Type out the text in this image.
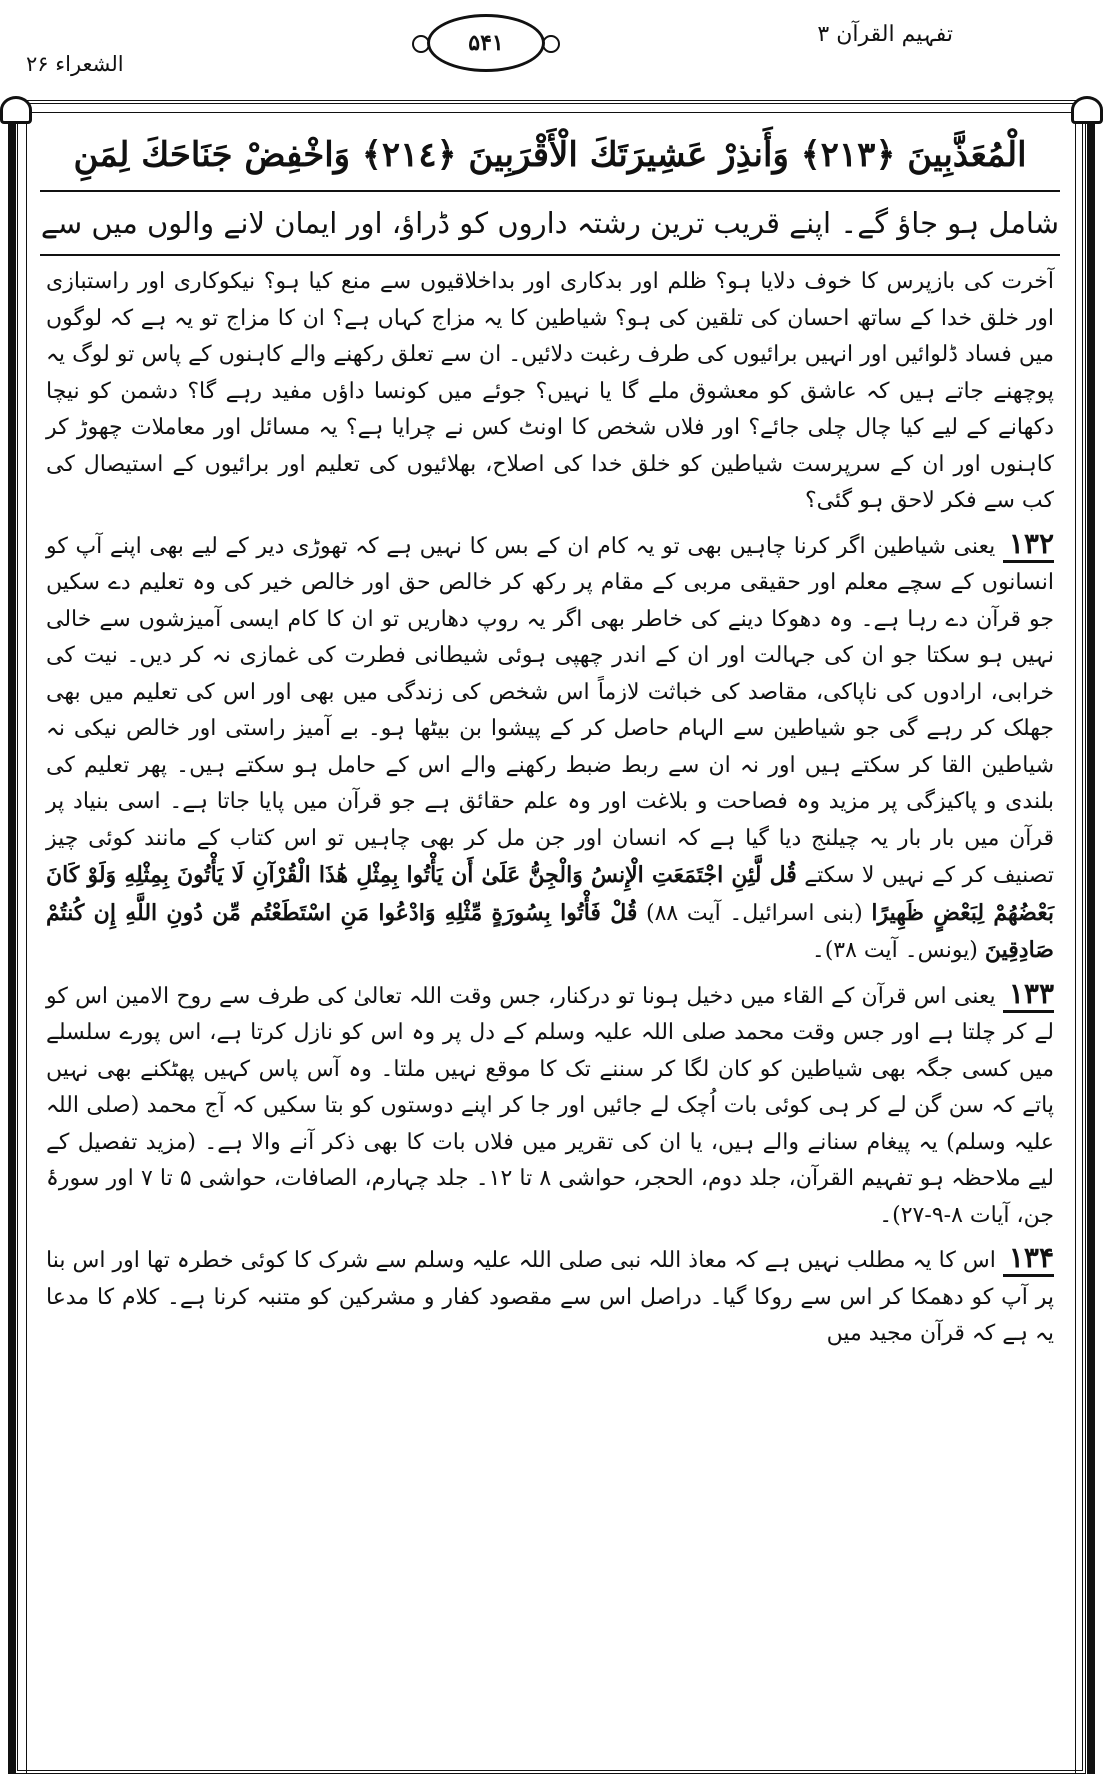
تفہیم القرآن ۳
۵۴۱
الشعراء ۲۶
الْمُعَذَّبِينَ ﴿٢١٣﴾ وَأَنذِرْ عَشِيرَتَكَ الْأَقْرَبِينَ ﴿٢١٤﴾ وَاخْفِضْ جَنَاحَكَ لِمَنِ
شامل ہو جاؤ گے۔ اپنے قریب ترین رشتہ داروں کو ڈراؤ، اور ایمان لانے والوں میں سے

آخرت کی بازپرس کا خوف دلایا ہو؟ ظلم اور بدکاری اور بداخلاقیوں سے منع کیا ہو؟ نیکوکاری اور راستبازی اور خلق خدا کے ساتھ احسان کی تلقین کی ہو؟ شیاطین کا یہ مزاج کہاں ہے؟ ان کا مزاج تو یہ ہے کہ لوگوں میں فساد ڈلوائیں اور انہیں برائیوں کی طرف رغبت دلائیں۔ ان سے تعلق رکھنے والے کاہنوں کے پاس تو لوگ یہ پوچھنے جاتے ہیں کہ عاشق کو معشوق ملے گا یا نہیں؟ جوئے میں کونسا داؤں مفید رہے گا؟ دشمن کو نیچا دکھانے کے لیے کیا چال چلی جائے؟ اور فلاں شخص کا اونٹ کس نے چرایا ہے؟ یہ مسائل اور معاملات چھوڑ کر کاہنوں اور ان کے سرپرست شیاطین کو خلق خدا کی اصلاح، بھلائیوں کی تعلیم اور برائیوں کے استیصال کی کب سے فکر لاحق ہو گئی؟

۱۳۲ یعنی شیاطین اگر کرنا چاہیں بھی تو یہ کام ان کے بس کا نہیں ہے کہ تھوڑی دیر کے لیے بھی اپنے آپ کو انسانوں کے سچے معلم اور حقیقی مربی کے مقام پر رکھ کر خالص حق اور خالص خیر کی وہ تعلیم دے سکیں جو قرآن دے رہا ہے۔ وہ دھوکا دینے کی خاطر بھی اگر یہ روپ دھاریں تو ان کا کام ایسی آمیزشوں سے خالی نہیں ہو سکتا جو ان کی جہالت اور ان کے اندر چھپی ہوئی شیطانی فطرت کی غمازی نہ کر دیں۔ نیت کی خرابی، ارادوں کی ناپاکی، مقاصد کی خباثت لازماً اس شخص کی زندگی میں بھی اور اس کی تعلیم میں بھی جھلک کر رہے گی جو شیاطین سے الہام حاصل کر کے پیشوا بن بیٹھا ہو۔ بے آمیز راستی اور خالص نیکی نہ شیاطین القا کر سکتے ہیں اور نہ ان سے ربط ضبط رکھنے والے اس کے حامل ہو سکتے ہیں۔ پھر تعلیم کی بلندی و پاکیزگی پر مزید وہ فصاحت و بلاغت اور وہ علم حقائق ہے جو قرآن میں پایا جاتا ہے۔ اسی بنیاد پر قرآن میں بار بار یہ چیلنج دیا گیا ہے کہ انسان اور جن مل کر بھی چاہیں تو اس کتاب کے مانند کوئی چیز تصنیف کر کے نہیں لا سکتے قُل لَّئِنِ اجْتَمَعَتِ الْإِنسُ وَالْجِنُّ عَلَىٰ أَن يَأْتُوا بِمِثْلِ هَٰذَا الْقُرْآنِ لَا يَأْتُونَ بِمِثْلِهِ وَلَوْ كَانَ بَعْضُهُمْ لِبَعْضٍ ظَهِيرًا (بنی اسرائیل۔ آیت ۸۸) قُلْ فَأْتُوا بِسُورَةٍ مِّثْلِهِ وَادْعُوا مَنِ اسْتَطَعْتُم مِّن دُونِ اللَّهِ إِن كُنتُمْ صَادِقِينَ (یونس۔ آیت ۳۸)۔

۱۳۳ یعنی اس قرآن کے القاء میں دخیل ہونا تو درکنار، جس وقت اللہ تعالیٰ کی طرف سے روح الامین اس کو لے کر چلتا ہے اور جس وقت محمد صلی اللہ علیہ وسلم کے دل پر وہ اس کو نازل کرتا ہے، اس پورے سلسلے میں کسی جگہ بھی شیاطین کو کان لگا کر سننے تک کا موقع نہیں ملتا۔ وہ آس پاس کہیں پھٹکنے بھی نہیں پاتے کہ سن گن لے کر ہی کوئی بات اُچک لے جائیں اور جا کر اپنے دوستوں کو بتا سکیں کہ آج محمد (صلی اللہ علیہ وسلم) یہ پیغام سنانے والے ہیں، یا ان کی تقریر میں فلاں بات کا بھی ذکر آنے والا ہے۔ (مزید تفصیل کے لیے ملاحظہ ہو تفہیم القرآن، جلد دوم، الحجر، حواشی ۸ تا ۱۲۔ جلد چہارم، الصافات، حواشی ۵ تا ۷ اور سورۂ جن، آیات ۸-۹-۲۷)۔

۱۳۴ اس کا یہ مطلب نہیں ہے کہ معاذ اللہ نبی صلی اللہ علیہ وسلم سے شرک کا کوئی خطرہ تھا اور اس بنا پر آپ کو دھمکا کر اس سے روکا گیا۔ دراصل اس سے مقصود کفار و مشرکین کو متنبہ کرنا ہے۔ کلام کا مدعا یہ ہے کہ قرآن مجید میں
